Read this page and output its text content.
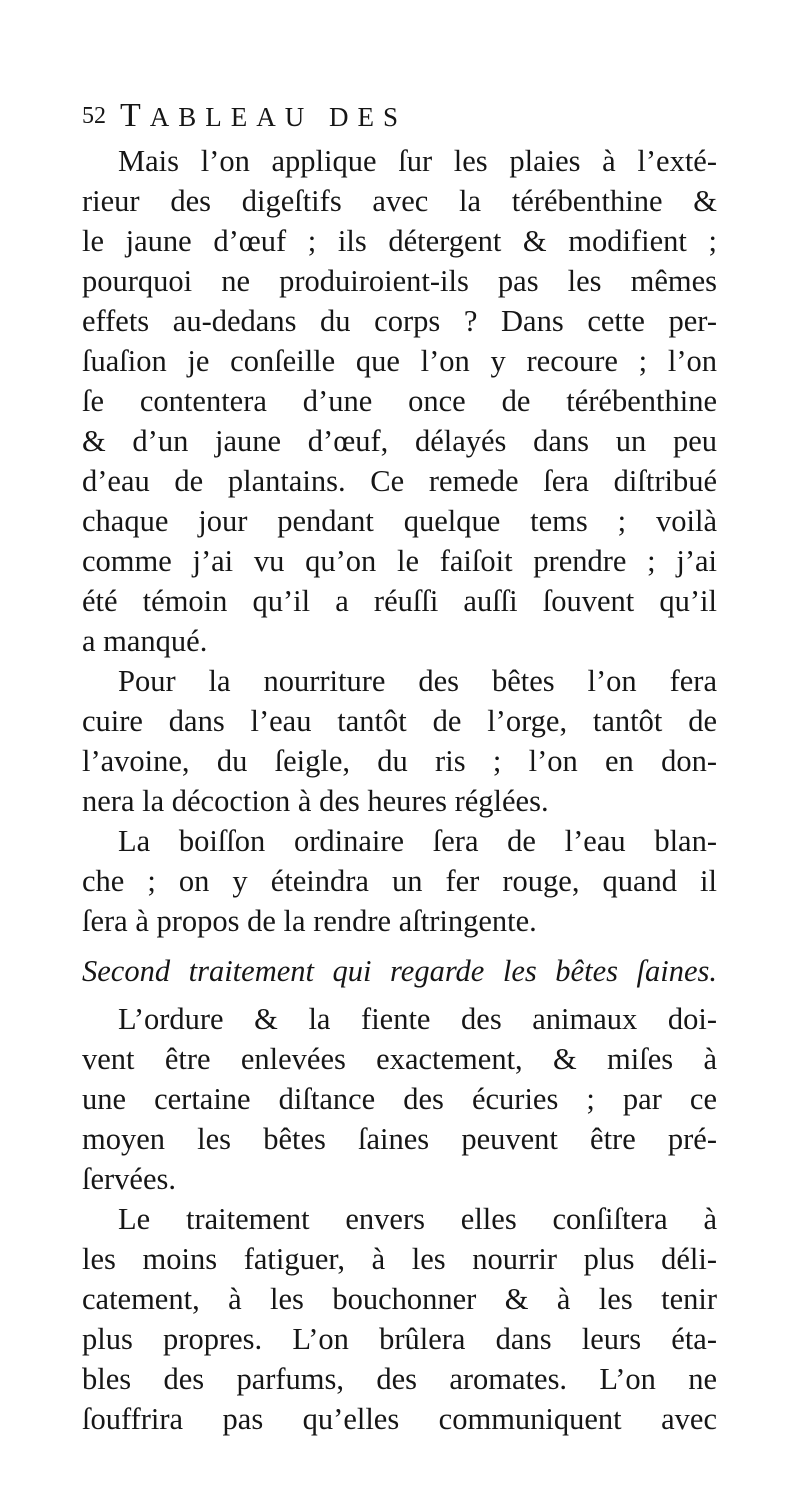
52 TABLEAU DES
Mais l’on applique ſur les plaies à l’exté-
rieur des digeſtifs avec la térébenthine &
le jaune d’œuf ; ils détergent & modifient ;
pourquoi ne produiroient-ils pas les mêmes
effets au-dedans du corps ? Dans cette per-
ſuaſion je conſeille que l’on y recoure ; l’on
ſe contentera d’une once de térébenthine
& d’un jaune d’œuf, délayés dans un peu
d’eau de plantains. Ce remede ſera diſtribué
chaque jour pendant quelque tems ; voilà
comme j’ai vu qu’on le faiſoit prendre ; j’ai
été témoin qu’il a réuſſi auſſi ſouvent qu’il
a manqué.
Pour la nourriture des bêtes l’on fera
cuire dans l’eau tantôt de l’orge, tantôt de
l’avoine, du ſeigle, du ris ; l’on en don-
nera la décoction à des heures réglées.
La boiſſon ordinaire ſera de l’eau blan-
che ; on y éteindra un fer rouge, quand il
ſera à propos de la rendre aſtringente.
Second traitement qui regarde les bêtes ſaines.
L’ordure & la fiente des animaux doi-
vent être enlevées exactement, & miſes à
une certaine diſtance des écuries ; par ce
moyen les bêtes ſaines peuvent être pré-
ſervées.
Le traitement envers elles conſiſtera à
les moins fatiguer, à les nourrir plus déli-
catement, à les bouchonner & à les tenir
plus propres. L’on brûlera dans leurs éta-
bles des parfums, des aromates. L’on ne
ſouffrira pas qu’elles communiquent avec
